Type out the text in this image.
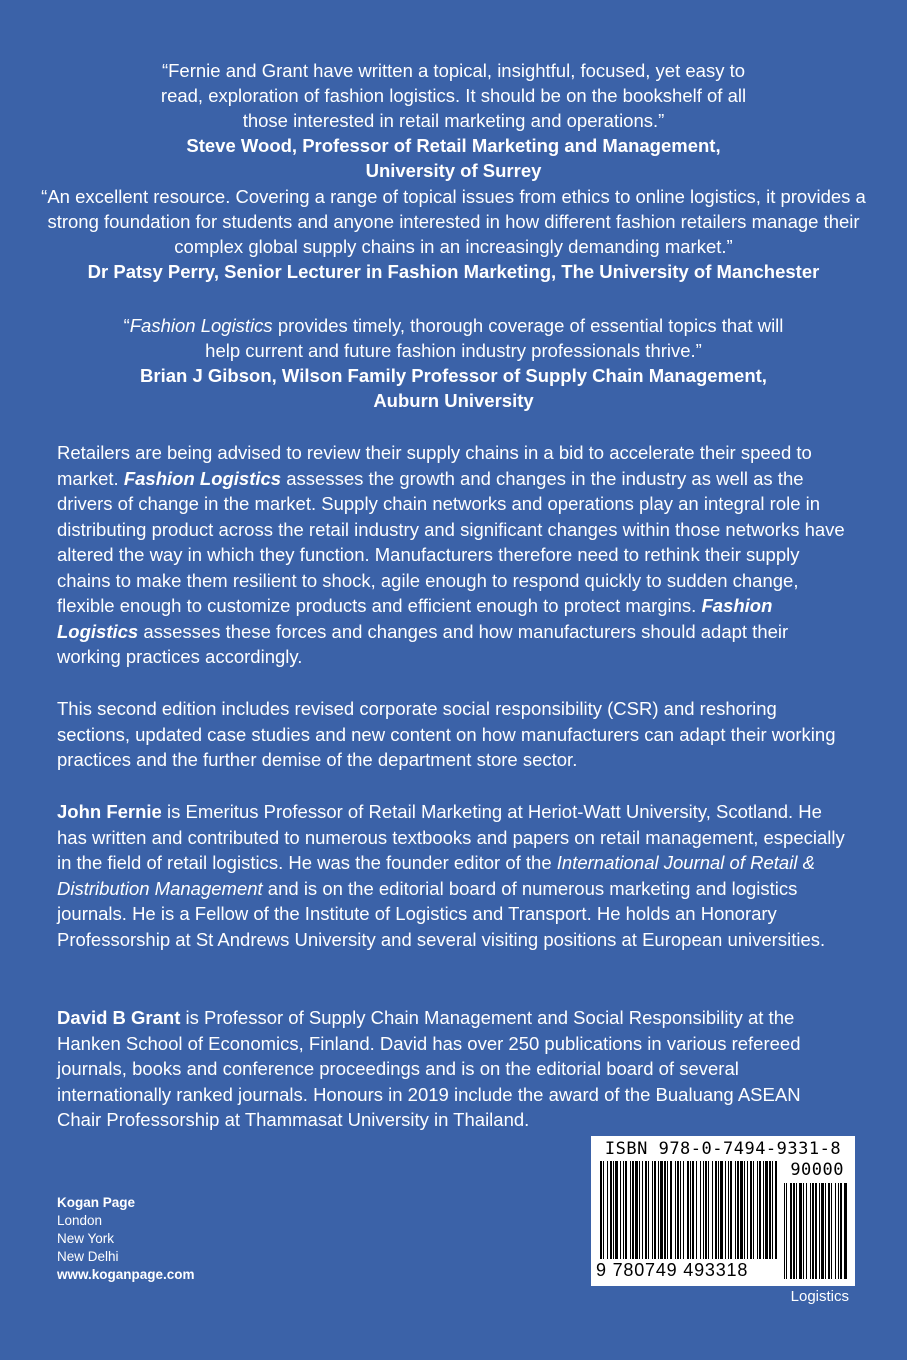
“Fernie and Grant have written a topical, insightful, focused, yet easy to read, exploration of fashion logistics. It should be on the bookshelf of all those interested in retail marketing and operations.”
Steve Wood, Professor of Retail Marketing and Management, University of Surrey
“An excellent resource. Covering a range of topical issues from ethics to online logistics, it provides a strong foundation for students and anyone interested in how different fashion retailers manage their complex global supply chains in an increasingly demanding market.”
Dr Patsy Perry, Senior Lecturer in Fashion Marketing, The University of Manchester
“Fashion Logistics provides timely, thorough coverage of essential topics that will help current and future fashion industry professionals thrive.”
Brian J Gibson, Wilson Family Professor of Supply Chain Management, Auburn University
Retailers are being advised to review their supply chains in a bid to accelerate their speed to market. Fashion Logistics assesses the growth and changes in the industry as well as the drivers of change in the market. Supply chain networks and operations play an integral role in distributing product across the retail industry and significant changes within those networks have altered the way in which they function. Manufacturers therefore need to rethink their supply chains to make them resilient to shock, agile enough to respond quickly to sudden change, flexible enough to customize products and efficient enough to protect margins. Fashion Logistics assesses these forces and changes and how manufacturers should adapt their working practices accordingly.
This second edition includes revised corporate social responsibility (CSR) and reshoring sections, updated case studies and new content on how manufacturers can adapt their working practices and the further demise of the department store sector.
John Fernie is Emeritus Professor of Retail Marketing at Heriot-Watt University, Scotland. He has written and contributed to numerous textbooks and papers on retail management, especially in the field of retail logistics. He was the founder editor of the International Journal of Retail & Distribution Management and is on the editorial board of numerous marketing and logistics journals. He is a Fellow of the Institute of Logistics and Transport. He holds an Honorary Professorship at St Andrews University and several visiting positions at European universities.
David B Grant is Professor of Supply Chain Management and Social Responsibility at the Hanken School of Economics, Finland. David has over 250 publications in various refereed journals, books and conference proceedings and is on the editorial board of several internationally ranked journals. Honours in 2019 include the award of the Bualuang ASEAN Chair Professorship at Thammasat University in Thailand.
Kogan Page
London
New York
New Delhi
www.koganpage.com
ISBN 978-0-7494-9331-8
90000
9 780749 493318
Logistics
